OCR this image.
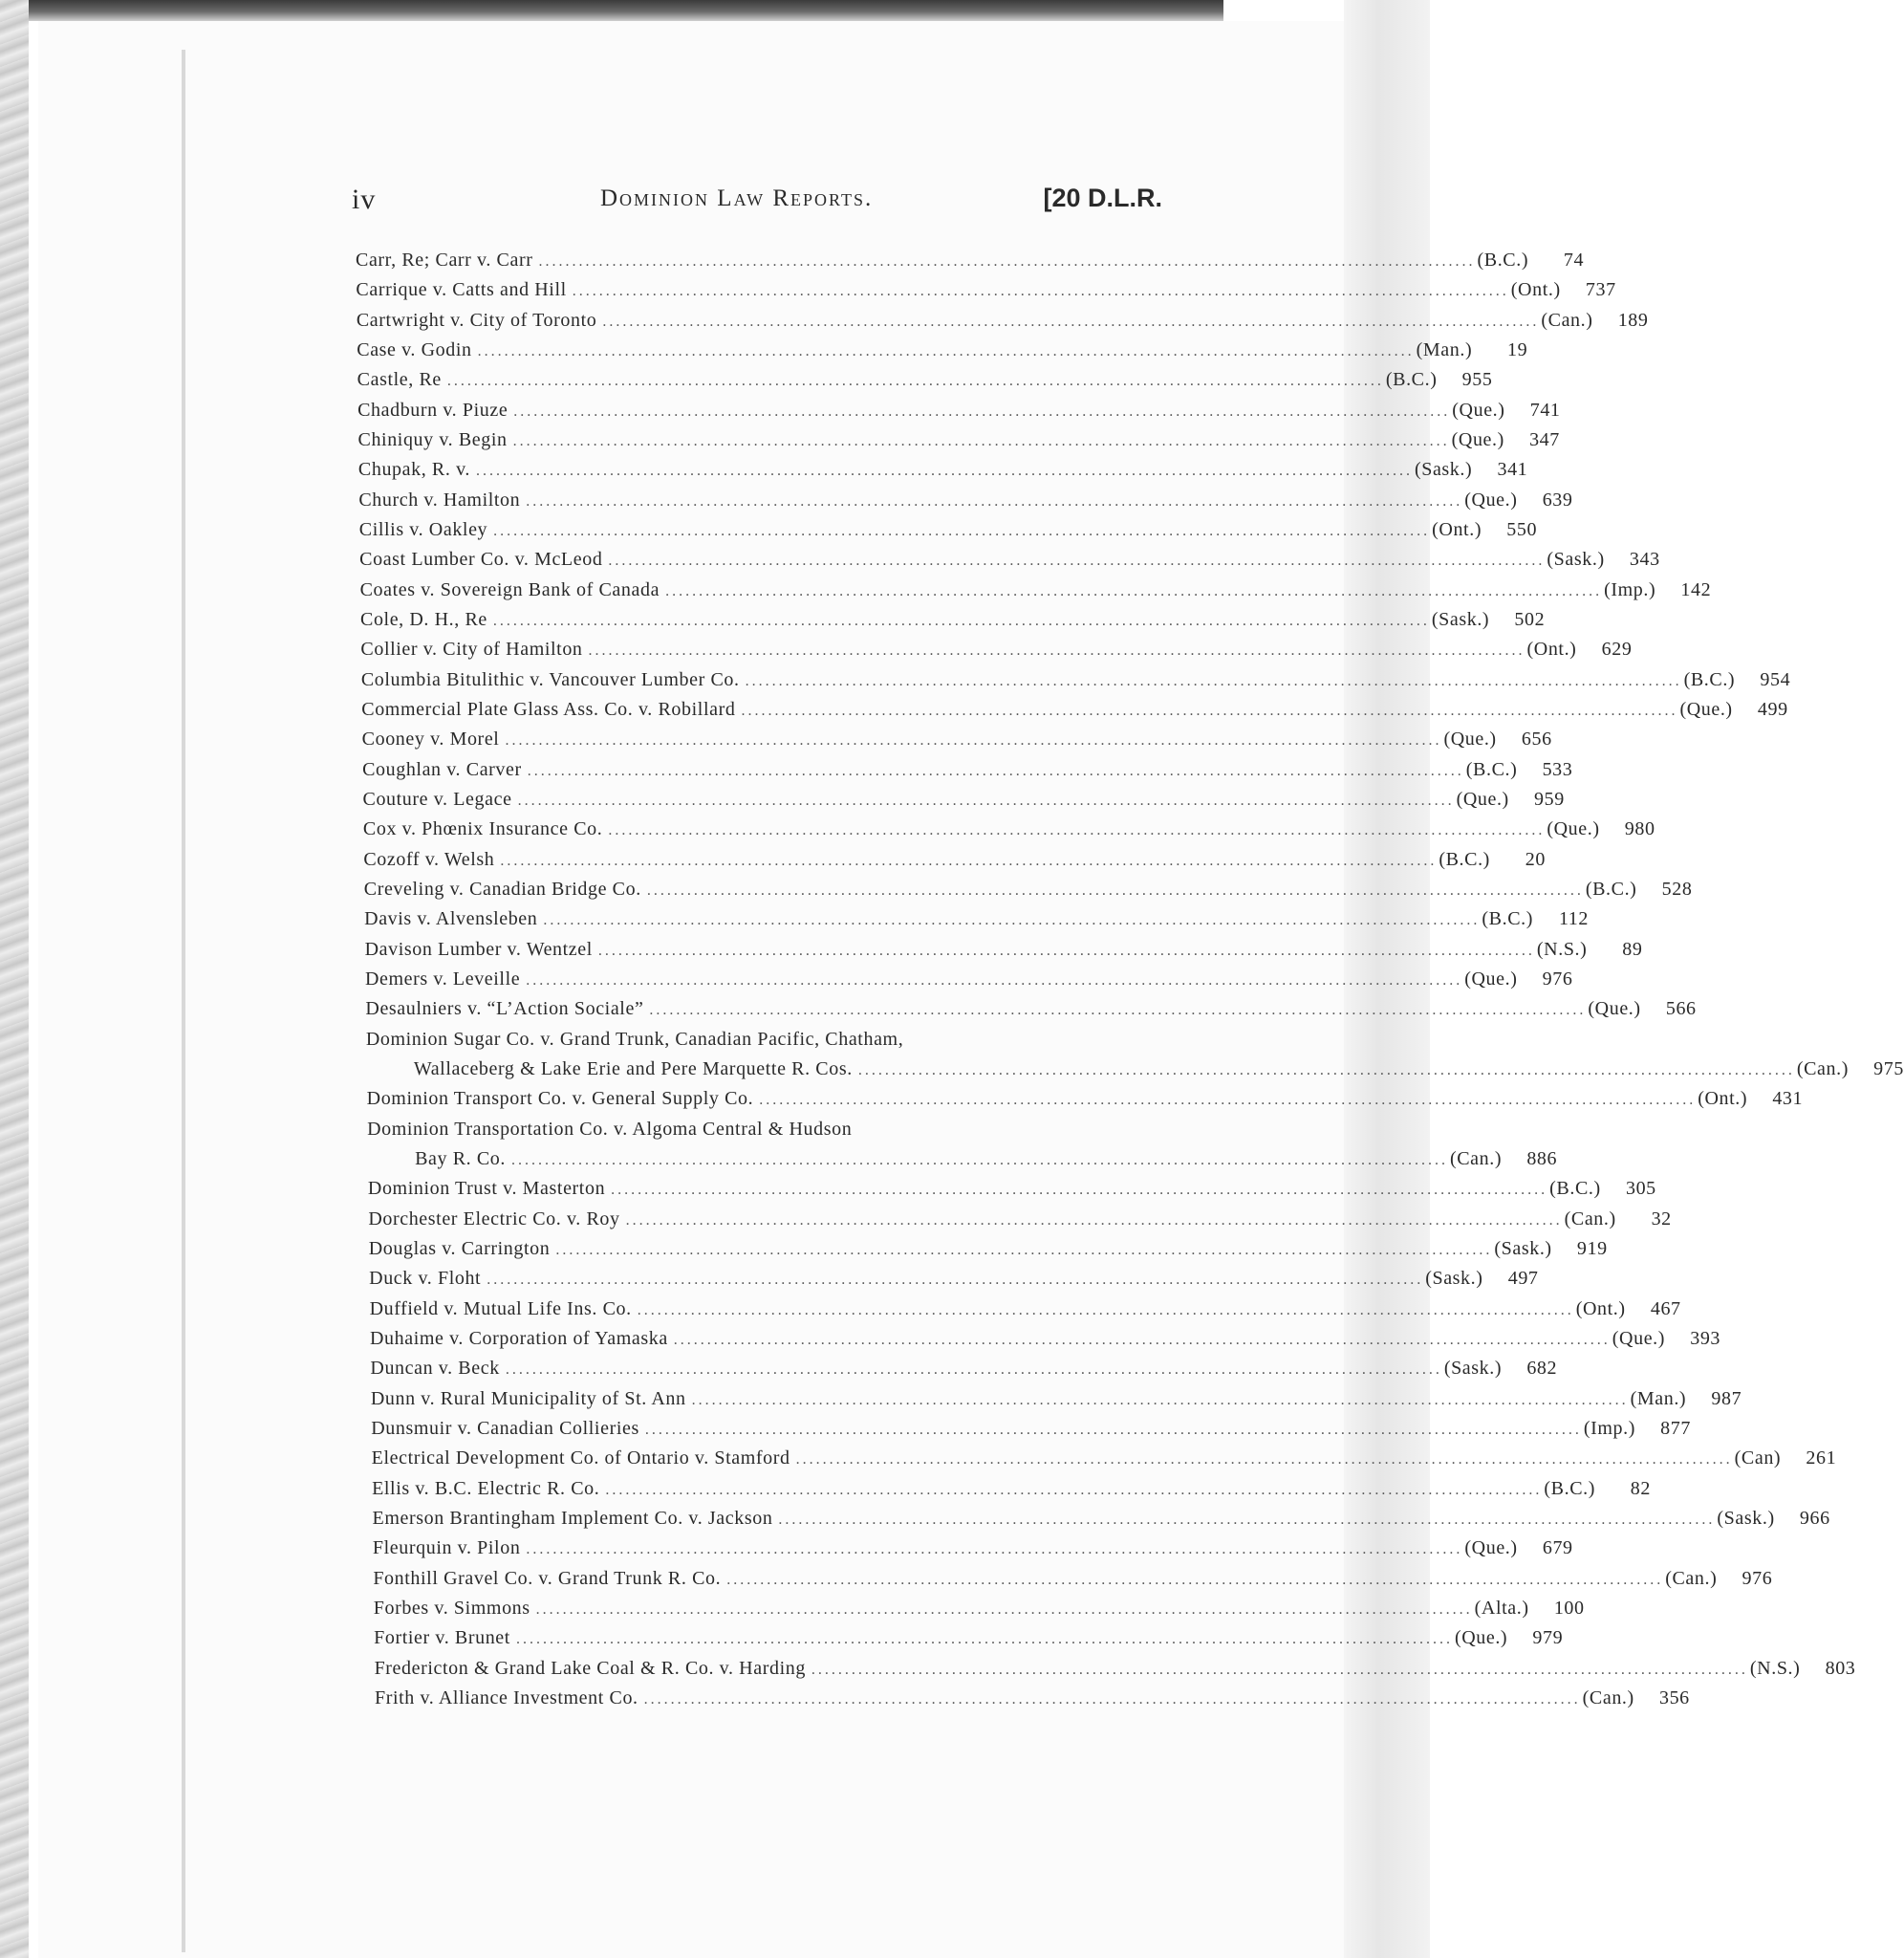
iv	Dominion Law Reports.	[20 D.L.R.
Carr, Re; Carr v. Carr ............................................................................................................................................ (B.C.)	74
Carrique v. Catts and Hill ............................................................................................................................................ (Ont.)	737
Cartwright v. City of Toronto ............................................................................................................................................ (Can.)	189
Case v. Godin ............................................................................................................................................ (Man.)	19
Castle, Re ............................................................................................................................................ (B.C.)	955
Chadburn v. Piuze ............................................................................................................................................ (Que.)	741
Chiniquy v. Begin ............................................................................................................................................ (Que.)	347
Chupak, R. v. ............................................................................................................................................ (Sask.)	341
Church v. Hamilton ............................................................................................................................................ (Que.)	639
Cillis v. Oakley ............................................................................................................................................ (Ont.)	550
Coast Lumber Co. v. McLeod ............................................................................................................................................ (Sask.)	343
Coates v. Sovereign Bank of Canada ............................................................................................................................................ (Imp.)	142
Cole, D. H., Re ............................................................................................................................................ (Sask.)	502
Collier v. City of Hamilton ............................................................................................................................................ (Ont.)	629
Columbia Bitulithic v. Vancouver Lumber Co. ............................................................................................................................................ (B.C.)	954
Commercial Plate Glass Ass. Co. v. Robillard ............................................................................................................................................ (Que.)	499
Cooney v. Morel ............................................................................................................................................ (Que.)	656
Coughlan v. Carver ............................................................................................................................................ (B.C.)	533
Couture v. Legace ............................................................................................................................................ (Que.)	959
Cox v. Phœnix Insurance Co. ............................................................................................................................................ (Que.)	980
Cozoff v. Welsh ............................................................................................................................................ (B.C.)	20
Creveling v. Canadian Bridge Co. ............................................................................................................................................ (B.C.)	528
Davis v. Alvensleben ............................................................................................................................................ (B.C.)	112
Davison Lumber v. Wentzel ............................................................................................................................................ (N.S.)	89
Demers v. Leveille ............................................................................................................................................ (Que.)	976
Desaulniers v. “L’Action Sociale” ............................................................................................................................................ (Que.)	566
Dominion Sugar Co. v. Grand Trunk, Canadian Pacific, Chatham,
Wallaceberg & Lake Erie and Pere Marquette R. Cos. ............................................................................................................................................ (Can.)	975
Dominion Transport Co. v. General Supply Co. ............................................................................................................................................ (Ont.)	431
Dominion Transportation Co. v. Algoma Central & Hudson
Bay R. Co. ............................................................................................................................................ (Can.)	886
Dominion Trust v. Masterton ............................................................................................................................................ (B.C.)	305
Dorchester Electric Co. v. Roy ............................................................................................................................................ (Can.)	32
Douglas v. Carrington ............................................................................................................................................ (Sask.)	919
Duck v. Floht ............................................................................................................................................ (Sask.)	497
Duffield v. Mutual Life Ins. Co. ............................................................................................................................................ (Ont.)	467
Duhaime v. Corporation of Yamaska ............................................................................................................................................ (Que.)	393
Duncan v. Beck ............................................................................................................................................ (Sask.)	682
Dunn v. Rural Municipality of St. Ann ............................................................................................................................................ (Man.)	987
Dunsmuir v. Canadian Collieries ............................................................................................................................................ (Imp.)	877
Electrical Development Co. of Ontario v. Stamford ............................................................................................................................................ (Can)	261
Ellis v. B.C. Electric R. Co. ............................................................................................................................................ (B.C.)	82
Emerson Brantingham Implement Co. v. Jackson ............................................................................................................................................ (Sask.)	966
Fleurquin v. Pilon ............................................................................................................................................ (Que.)	679
Fonthill Gravel Co. v. Grand Trunk R. Co. ............................................................................................................................................ (Can.)	976
Forbes v. Simmons ............................................................................................................................................ (Alta.)	100
Fortier v. Brunet ............................................................................................................................................ (Que.)	979
Fredericton & Grand Lake Coal & R. Co. v. Harding ............................................................................................................................................ (N.S.)	803
Frith v. Alliance Investment Co. ............................................................................................................................................ (Can.)	356
